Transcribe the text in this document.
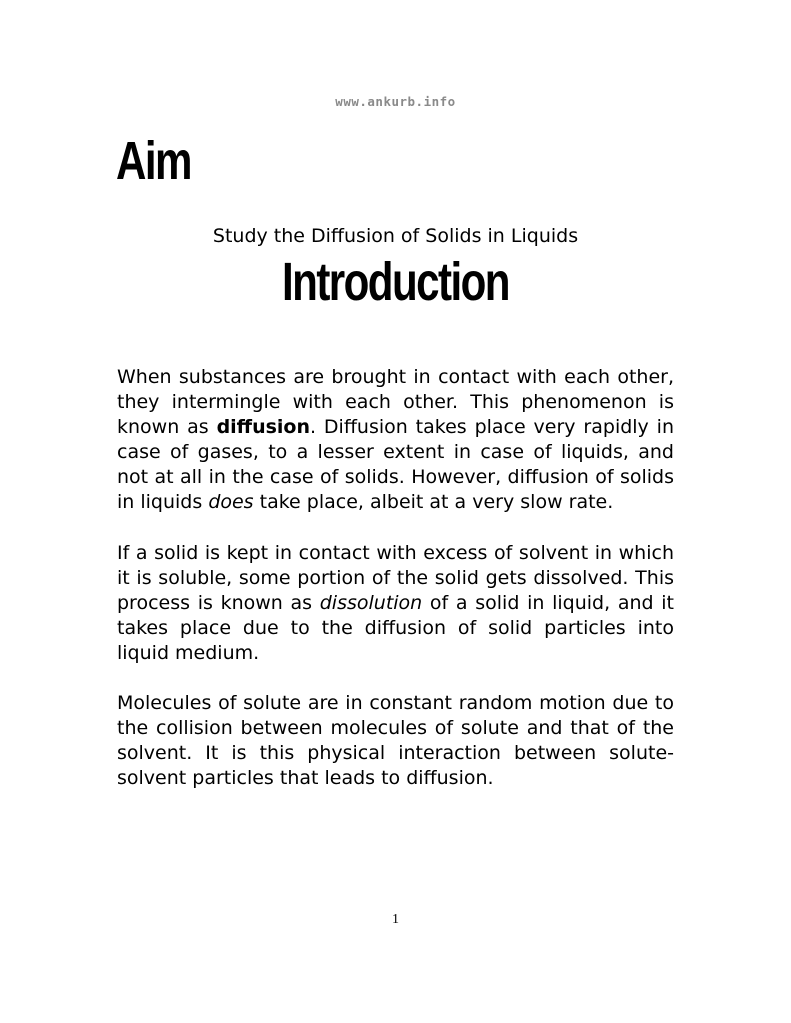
www.ankurb.info
Aim
Study the Diffusion of Solids in Liquids
Introduction

When substances are brought in contact with each other, they intermingle with each other. This phenomenon is known as diffusion. Diffusion takes place very rapidly in case of gases, to a lesser extent in case of liquids, and not at all in the case of solids. However, diffusion of solids in liquids does take place, albeit at a very slow rate.

If a solid is kept in contact with excess of solvent in which it is soluble, some portion of the solid gets dissolved. This process is known as dissolution of a solid in liquid, and it takes place due to the diffusion of solid particles into liquid medium.

Molecules of solute are in constant random motion due to the collision between molecules of solute and that of the solvent. It is this physical interaction between solute-solvent particles that leads to diffusion.

1
